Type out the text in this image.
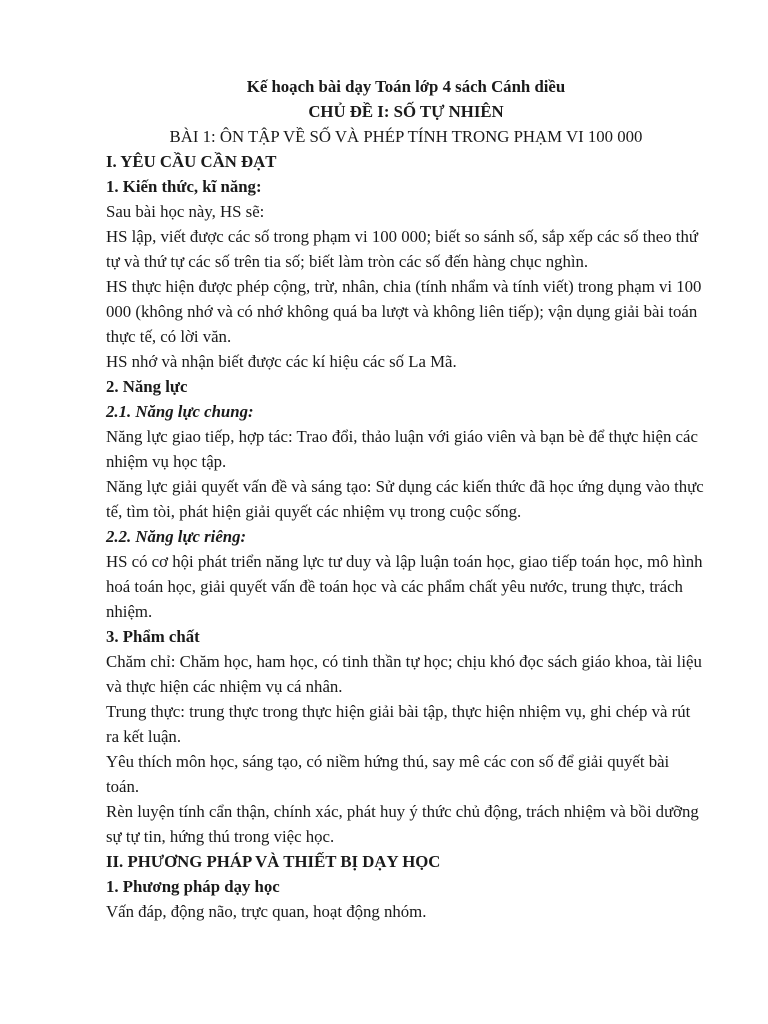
Kế hoạch bài dạy Toán lớp 4 sách Cánh diều

CHỦ ĐỀ I: SỐ TỰ NHIÊN

BÀI 1: ÔN TẬP VỀ SỐ VÀ PHÉP TÍNH TRONG PHẠM VI 100 000

I. YÊU CẦU CẦN ĐẠT

1. Kiến thức, kĩ năng:

Sau bài học này, HS sẽ:

HS lập, viết được các số trong phạm vi 100 000; biết so sánh số, sắp xếp các số theo thứ tự và thứ tự các số trên tia số; biết làm tròn các số đến hàng chục nghìn.

HS thực hiện được phép cộng, trừ, nhân, chia (tính nhẩm và tính viết) trong phạm vi 100 000 (không nhớ và có nhớ không quá ba lượt và không liên tiếp); vận dụng giải bài toán thực tế, có lời văn.

HS nhớ và nhận biết được các kí hiệu các số La Mã.

2. Năng lực

2.1. Năng lực chung:

Năng lực giao tiếp, hợp tác: Trao đổi, thảo luận với giáo viên và bạn bè để thực hiện các nhiệm vụ học tập.

Năng lực giải quyết vấn đề và sáng tạo: Sử dụng các kiến thức đã học ứng dụng vào thực tế, tìm tòi, phát hiện giải quyết các nhiệm vụ trong cuộc sống.

2.2. Năng lực riêng:

HS có cơ hội phát triển năng lực tư duy và lập luận toán học, giao tiếp toán học, mô hình hoá toán học, giải quyết vấn đề toán học và các phẩm chất yêu nước, trung thực, trách nhiệm.

3. Phẩm chất

Chăm chỉ: Chăm học, ham học, có tinh thần tự học; chịu khó đọc sách giáo khoa, tài liệu và thực hiện các nhiệm vụ cá nhân.

Trung thực: trung thực trong thực hiện giải bài tập, thực hiện nhiệm vụ, ghi chép và rút ra kết luận.

Yêu thích môn học, sáng tạo, có niềm hứng thú, say mê các con số để giải quyết bài toán.

Rèn luyện tính cẩn thận, chính xác, phát huy ý thức chủ động, trách nhiệm và bồi dưỡng sự tự tin, hứng thú trong việc học.

II. PHƯƠNG PHÁP VÀ THIẾT BỊ DẠY HỌC

1. Phương pháp dạy học

Vấn đáp, động não, trực quan, hoạt động nhóm.
